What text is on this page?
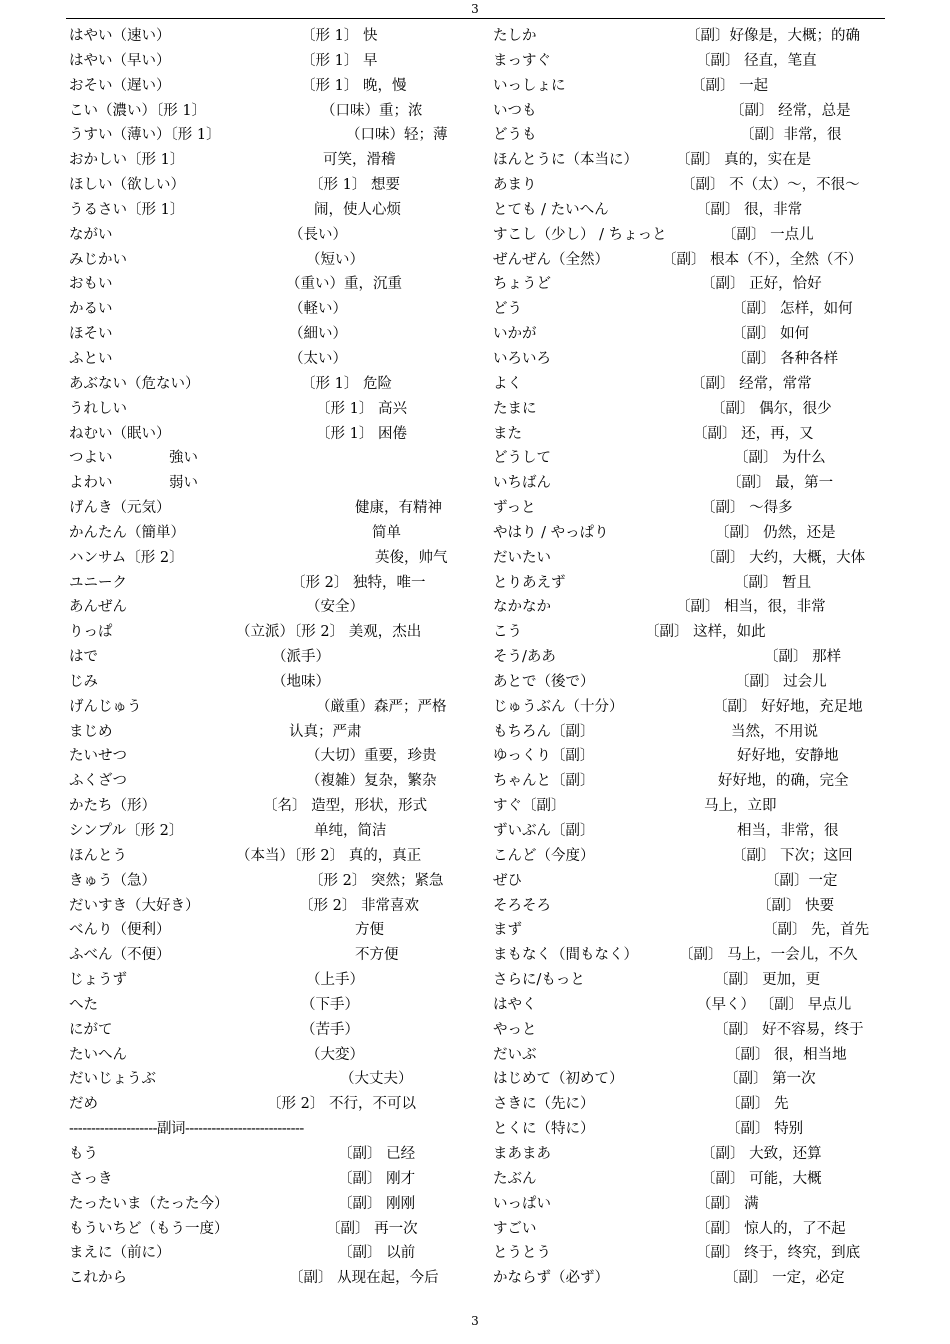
3
はやい（速い）	〔形 1〕 快
はやい（早い）	〔形 1〕 早
おそい（遅い）	〔形 1〕 晚，慢
こい（濃い）〔形 1〕	（口味）重；浓
うすい（薄い）〔形 1〕	（口味）轻；薄
おかしい〔形 1〕	可笑，滑稽
ほしい（欲しい）	〔形 1〕 想要
うるさい〔形 1〕	闹，使人心烦
ながい	（長い）
みじかい	（短い）
おもい	（重い）重，沉重
かるい	（軽い）
ほそい	（細い）
ふとい	（太い）
あぶない（危ない）	〔形 1〕 危险
うれしい	〔形 1〕 高兴
ねむい（眠い）	〔形 1〕 困倦
つよい	強い
よわい	弱い
げんき（元気）	健康，有精神
かんたん（簡単）	简单
ハンサム〔形 2〕	英俊，帅气
ユニーク	〔形 2〕 独特，唯一
あんぜん	（安全）
りっぱ	（立派）〔形 2〕 美观，杰出
はで	（派手）
じみ	（地味）
げんじゅう	（厳重）森严；严格
まじめ	认真；严肃
たいせつ	（大切）重要，珍贵
ふくざつ	（複雑）复杂，繁杂
かたち（形）	〔名〕 造型，形状，形式
シンプル〔形 2〕	单纯，简洁
ほんとう	（本当）〔形 2〕 真的，真正
きゅう（急）	〔形 2〕 突然；紧急
だいすき（大好き）	〔形 2〕 非常喜欢
べんり（便利）	方便
ふべん（不便）	不方便
じょうず	（上手）
へた	（下手）
にがて	（苦手）
たいへん	（大変）
だいじょうぶ	（大丈夫）
だめ	〔形 2〕 不行，不可以
--------------------副词---------------------------
もう	〔副〕 已经
さっき	〔副〕 刚才
たったいま（たった今）	〔副〕 刚刚
もういちど（もう一度）	〔副〕 再一次
まえに（前に）	〔副〕 以前
これから	〔副〕 从现在起，今后
たしか	〔副〕好像是，大概；的确
まっすぐ	〔副〕 径直，笔直
いっしょに	〔副〕 一起
いつも	〔副〕 经常，总是
どうも	〔副〕非常，很
ほんとうに（本当に）	〔副〕 真的，实在是
あまり	〔副〕 不（太）～，不很～
とても / たいへん	〔副〕 很，非常
すこし（少し） / ちょっと	〔副〕 一点儿
ぜんぜん（全然）	〔副〕 根本（不），全然（不）
ちょうど	〔副〕 正好，恰好
どう	〔副〕 怎样，如何
いかが	〔副〕 如何
いろいろ	〔副〕 各种各样
よく	〔副〕 经常，常常
たまに	〔副〕 偶尔，很少
また	〔副〕 还，再，又
どうして	〔副〕 为什么
いちばん	〔副〕 最，第一
ずっと	〔副〕 ～得多
やはり / やっぱり	〔副〕 仍然，还是
だいたい	〔副〕 大约，大概，大体
とりあえず	〔副〕 暂且
なかなか	〔副〕 相当，很，非常
こう	〔副〕 这样，如此
そう/ああ	〔副〕 那样
あとで（後で）	〔副〕 过会儿
じゅうぶん（十分）	〔副〕 好好地，充足地
もちろん〔副〕	当然，不用说
ゆっくり〔副〕	好好地，安静地
ちゃんと〔副〕	好好地，的确，完全
すぐ〔副〕	马上，立即
ずいぶん〔副〕	相当，非常，很
こんど（今度）	〔副〕 下次；这回
ぜひ	〔副〕一定
そろそろ	〔副〕 快要
まず	〔副〕 先，首先
まもなく（間もなく）	〔副〕 马上，一会儿，不久
さらに/もっと	〔副〕 更加，更
はやく	（早く） 〔副〕 早点儿
やっと	〔副〕 好不容易，终于
だいぶ	〔副〕 很，相当地
はじめて（初めて）	〔副〕 第一次
さきに（先に）	〔副〕 先
とくに（特に）	〔副〕 特别
まあまあ	〔副〕 大致，还算
たぶん	〔副〕 可能，大概
いっぱい	〔副〕 满
すごい	〔副〕 惊人的，了不起
とうとう	〔副〕 终于，终究，到底
かならず（必ず）	〔副〕 一定，必定
3
